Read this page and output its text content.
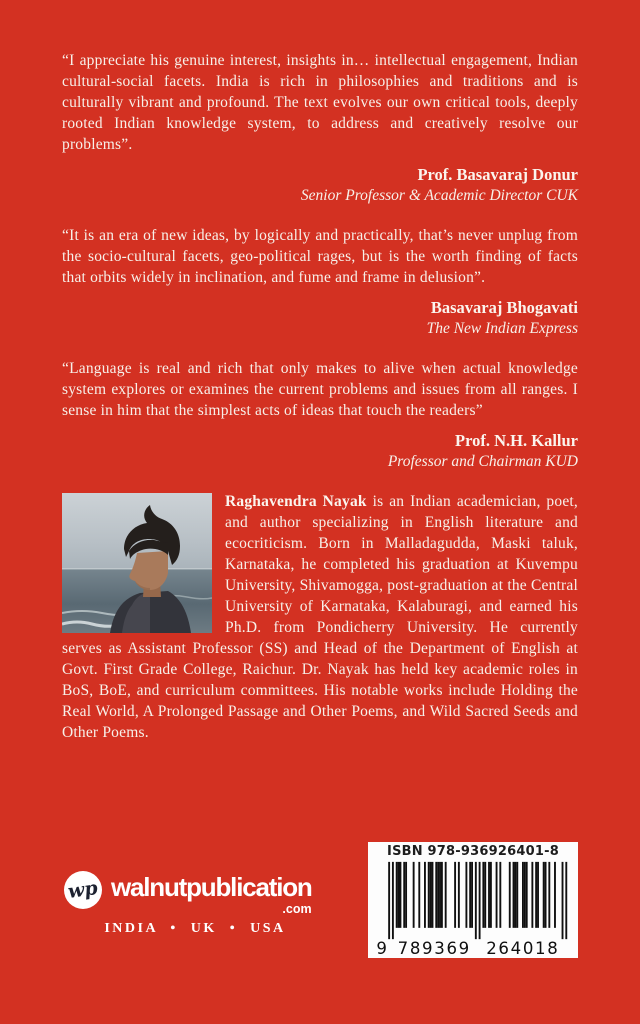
“I appreciate his genuine interest, insights in… intellectual engagement, Indian cultural-social facets. India is rich in philosophies and traditions and is culturally vibrant and profound. The text evolves our own critical tools, deeply rooted Indian knowledge system, to address and creatively resolve our problems”.

Prof. Basavaraj Donur
Senior Professor & Academic Director CUK

“It is an era of new ideas, by logically and practically, that’s never unplug from the socio-cultural facets, geo-political rages, but is the worth finding of facts that orbits widely in inclination, and fume and frame in delusion”.

Basavaraj Bhogavati
The New Indian Express

“Language is real and rich that only makes to alive when actual knowledge system explores or examines the current problems and issues from all ranges. I sense in him that the simplest acts of ideas that touch the readers”

Prof. N.H. Kallur
Professor and Chairman KUD

Raghavendra Nayak is an Indian academician, poet, and author specializing in English literature and ecocriticism. Born in Malladagudda, Maski taluk, Karnataka, he completed his graduation at Kuvempu University, Shivamogga, post-graduation at the Central University of Karnataka, Kalaburagi, and earned his Ph.D. from Pondicherry University. He currently serves as Assistant Professor (SS) and Head of the Department of English at Govt. First Grade College, Raichur. Dr. Nayak has held key academic roles in BoS, BoE, and curriculum committees. His notable works include Holding the Real World, A Prolonged Passage and Other Poems, and Wild Sacred Seeds and Other Poems.

wp walnutpublication
.com
INDIA • UK • USA
ISBN 978-936926401-8
9 789369 264018
